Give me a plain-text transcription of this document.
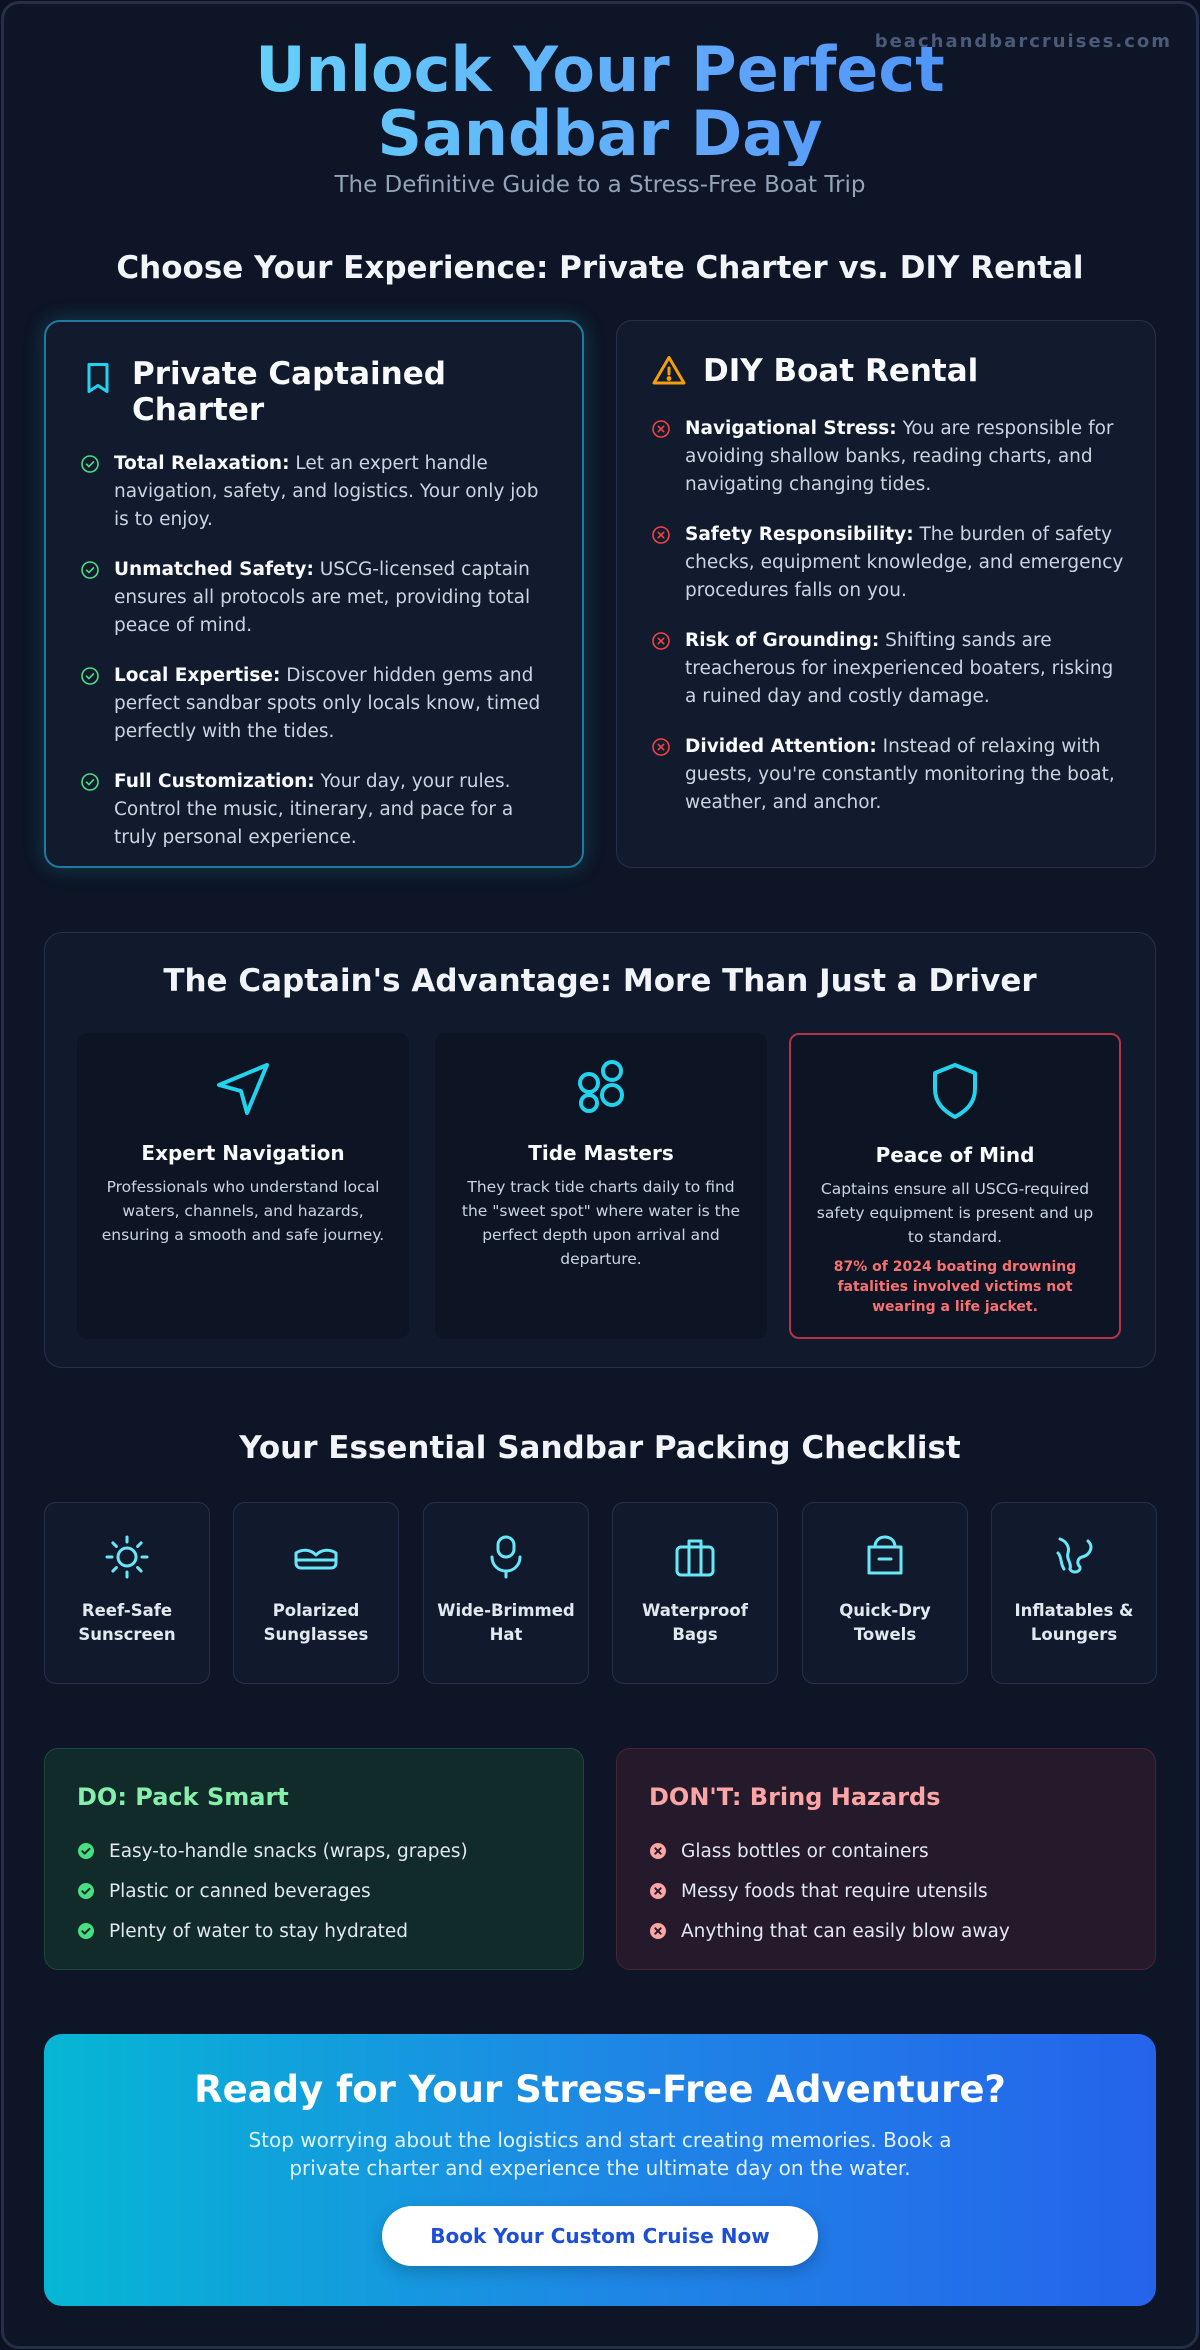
Unlock Your Perfect Sandbar Day
The Definitive Guide to a Stress-Free Boat Trip
Choose Your Experience: Private Charter vs. DIY Rental
Private Captained Charter

Total Relaxation: Let an expert handle navigation, safety, and logistics. Your only job is to enjoy.

Unmatched Safety: USCG-licensed captain ensures all protocols are met, providing total peace of mind.

Local Expertise: Discover hidden gems and perfect sandbar spots only locals know, timed perfectly with the tides.

Full Customization: Your day, your rules. Control the music, itinerary, and pace for a truly personal experience.

DIY Boat Rental

Navigational Stress: You are responsible for avoiding shallow banks, reading charts, and navigating changing tides.

Safety Responsibility: The burden of safety checks, equipment knowledge, and emergency procedures falls on you.

Risk of Grounding: Shifting sands are treacherous for inexperienced boaters, risking a ruined day and costly damage.

Divided Attention: Instead of relaxing with guests, you're constantly monitoring the boat, weather, and anchor.

The Captain's Advantage: More Than Just a Driver
Expert Navigation

Professionals who understand local waters, channels, and hazards, ensuring a smooth and safe journey.

Tide Masters

They track tide charts daily to find the "sweet spot" where water is the perfect depth upon arrival and departure.

Peace of Mind

Captains ensure all USCG-required safety equipment is present and up to standard.

87% of 2024 boating drowning fatalities involved victims not wearing a life jacket.

Your Essential Sandbar Packing Checklist
Reef-Safe Sunscreen
Polarized Sunglasses
Wide-Brimmed Hat
Waterproof Bags
Quick-Dry Towels
Inflatables & Loungers
DO: Pack Smart
Easy-to-handle snacks (wraps, grapes)
Plastic or canned beverages
Plenty of water to stay hydrated
DON'T: Bring Hazards
Glass bottles or containers
Messy foods that require utensils
Anything that can easily blow away
Ready for Your Stress-Free Adventure?

Stop worrying about the logistics and start creating memories. Book a private charter and experience the ultimate day on the water.

Book Your Custom Cruise Now
